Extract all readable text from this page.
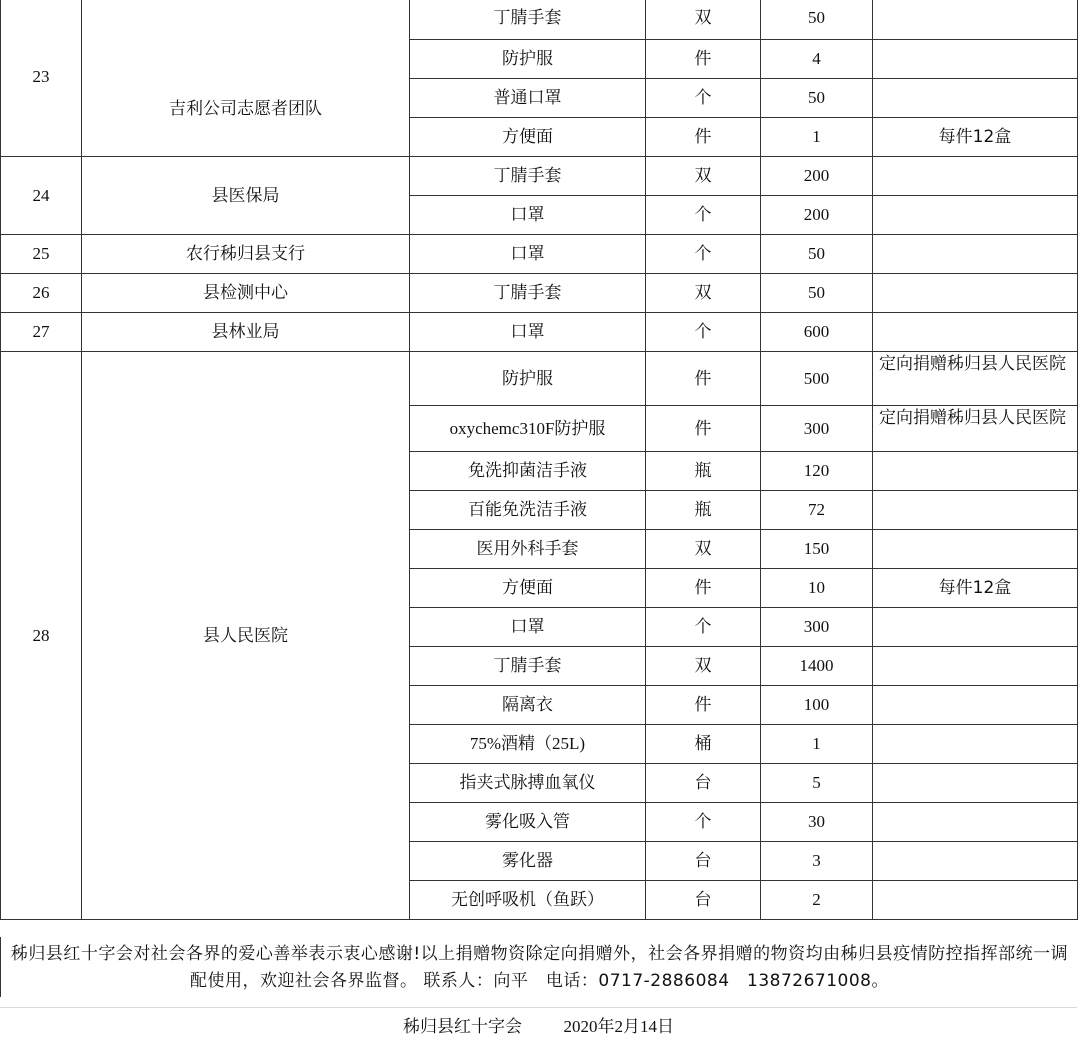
23	吉利公司志愿者团队	丁腈手套	双	50	
		防护服	件	4	
		普通口罩	个	50	
		方便面	件	1	每件12盒

24	县医保局	丁腈手套	双	200	
		口罩	个	200	
25	农行秭归县支行	口罩	个	50	
26	县检测中心	丁腈手套	双	50	
27	县林业局	口罩	个	600	
28	县人民医院	防护服	件	500	定向捐赠秭归县人民医院

		oxychemc310F防护服	件	300	定向捐赠秭归县人民医院

		免洗抑菌洁手液	瓶	120	
		百能免洗洁手液	瓶	72	
		医用外科手套	双	150	
		方便面	件	10	每件12盒

		口罩	个	300	
		丁腈手套	双	1400	
		隔离衣	件	100	
		75%酒精（25L)	桶	1	
		指夹式脉搏血氧仪	台	5	
		雾化吸入管	个	30	
		雾化器	台	3	
		无创呼吸机（鱼跃）	台	2	
秭归县红十字会对社会各界的爱心善举表示衷心感谢!以上捐赠物资除定向捐赠外，社会各界捐赠的物资均由秭归县疫情防控指挥部统一调配使用，欢迎社会各界监督。 联系人：向平　电话：0717-2886084　13872671008。
秭归县红十字会 2020年2月14日
